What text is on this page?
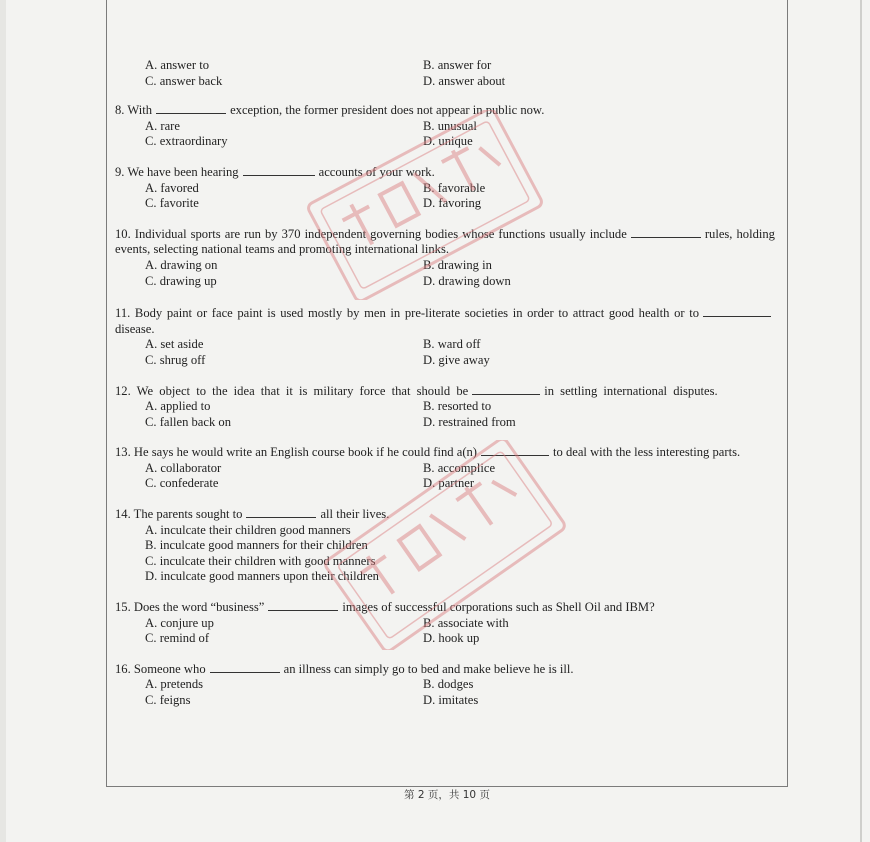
A. answer to	B. answer for
C. answer back	D. answer about
8. With	exception, the former president does not appear in public now.
A. rare	B. unusual
C. extraordinary	D. unique
9. We have been hearing	accounts of your work.
A. favored	B. favorable
C. favorite	D. favoring
10. Individual sports are run by 370 independent governing bodies whose functions usually include	rules, holding events, selecting national teams and promoting international links.
A. drawing on	B. drawing in
C. drawing up	D. drawing down
11. Body paint or face paint is used mostly by men in pre-literate societies in order to attract good health or todisease.
A. set aside	B. ward off
C. shrug off	D. give away
12. We object to the idea that it is military force that should be	in settling international disputes.
A. applied to	B. resorted to
C. fallen back on	D. restrained from
13. He says he would write an English course book if he could find a(n)	to deal with the less interesting parts.
A. collaborator	B. accomplice
C. confederate	D. partner
14. The parents sought to	all their lives.
A. inculcate their children good manners
B. inculcate good manners for their children
C. inculcate their children with good manners
D. inculcate good manners upon their children
15. Does the word “business”	images of successful corporations such as Shell Oil and IBM?
A. conjure up	B. associate with
C. remind of	D. hook up
16. Someone who	an illness can simply go to bed and make believe he is ill.
A. pretends	B. dodges
C. feigns	D. imitates
第 2 页，共 10 页
